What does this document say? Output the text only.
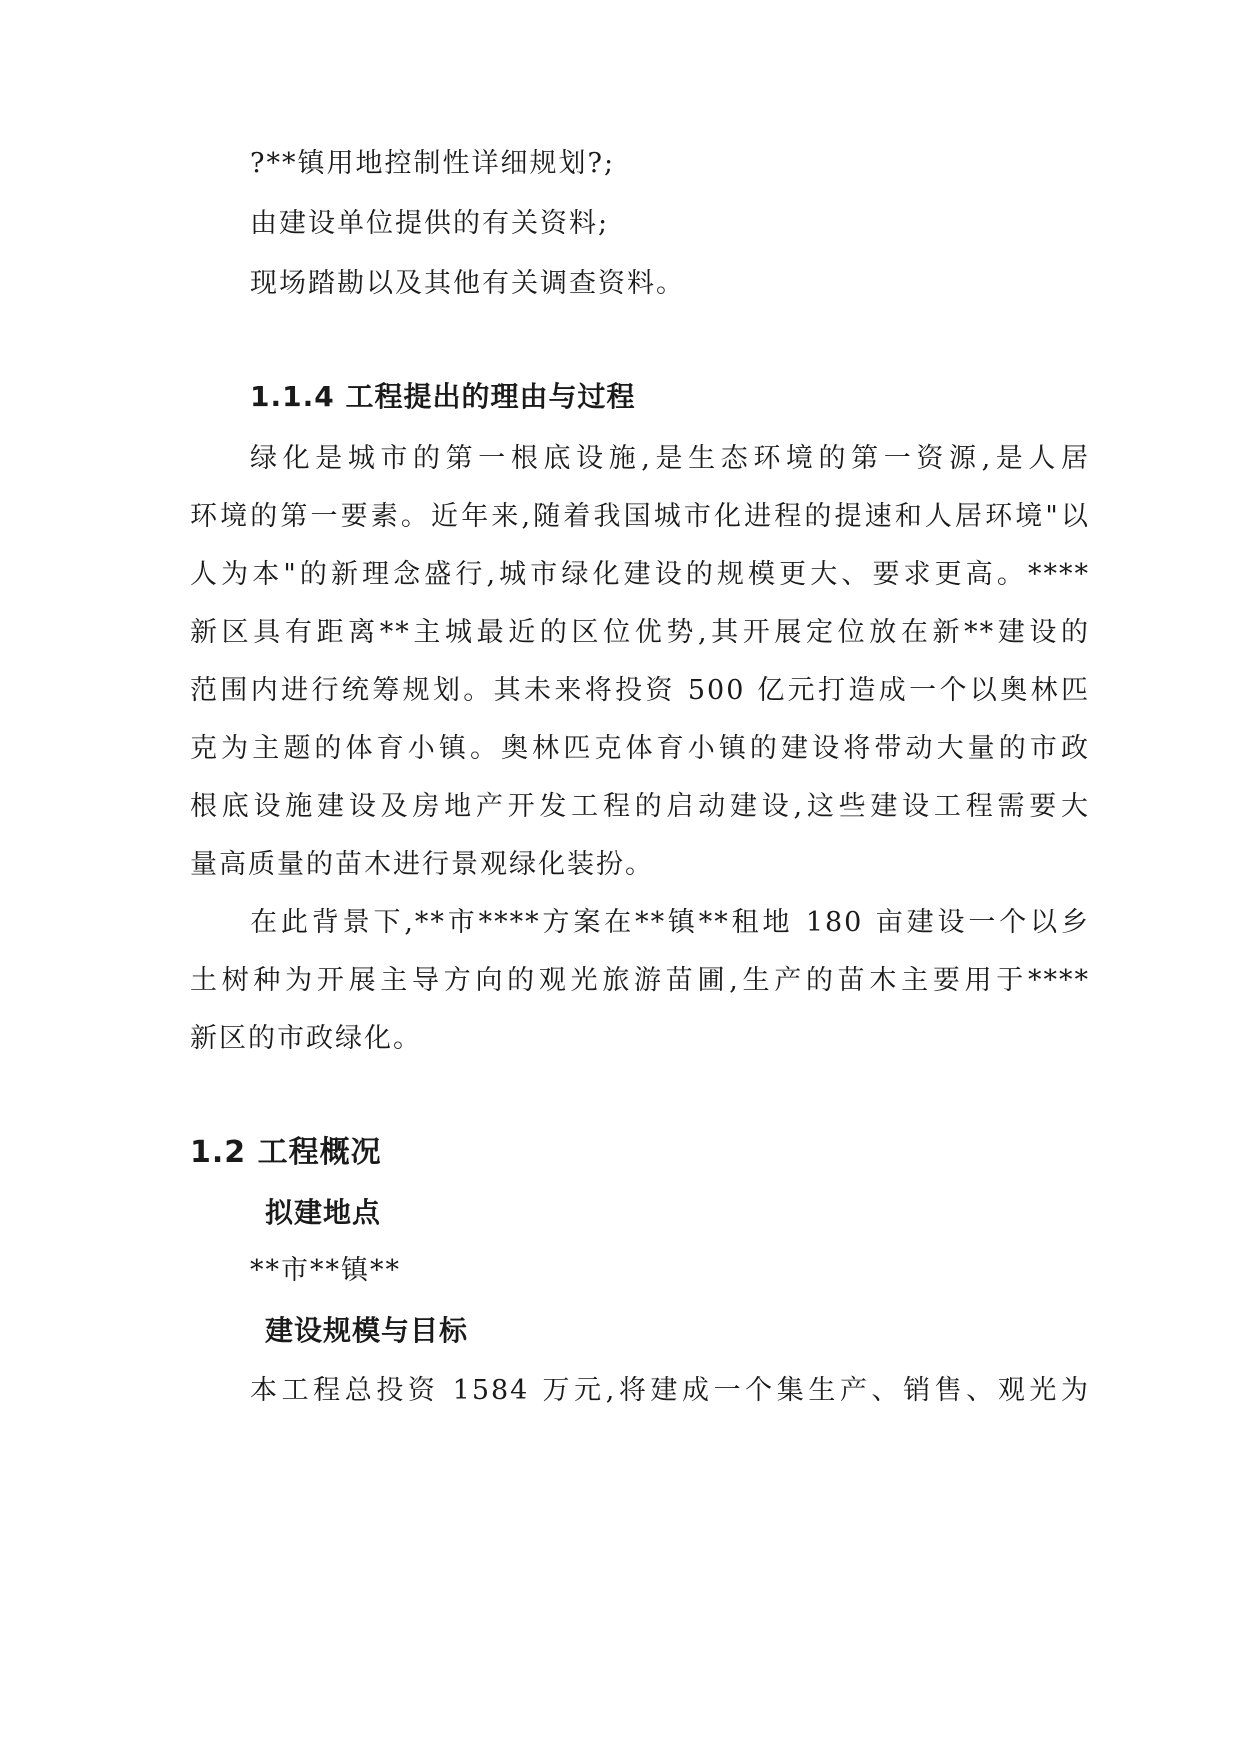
?**镇用地控制性详细规划?;
由建设单位提供的有关资料;
现场踏勘以及其他有关调查资料。
1.1.4 工程提出的理由与过程
绿化是城市的第一根底设施,是生态环境的第一资源,是人居
环境的第一要素。近年来,随着我国城市化进程的提速和人居环境"以
人为本"的新理念盛行,城市绿化建设的规模更大、要求更高。****
新区具有距离**主城最近的区位优势,其开展定位放在新**建设的
范围内进行统筹规划。其未来将投资 500 亿元打造成一个以奥林匹
克为主题的体育小镇。奥林匹克体育小镇的建设将带动大量的市政
根底设施建设及房地产开发工程的启动建设,这些建设工程需要大
量高质量的苗木进行景观绿化装扮。
在此背景下,**市****方案在**镇**租地 180 亩建设一个以乡
土树种为开展主导方向的观光旅游苗圃,生产的苗木主要用于****
新区的市政绿化。
1.2 工程概况
拟建地点
**市**镇**
建设规模与目标
本工程总投资 1584 万元,将建成一个集生产、销售、观光为
